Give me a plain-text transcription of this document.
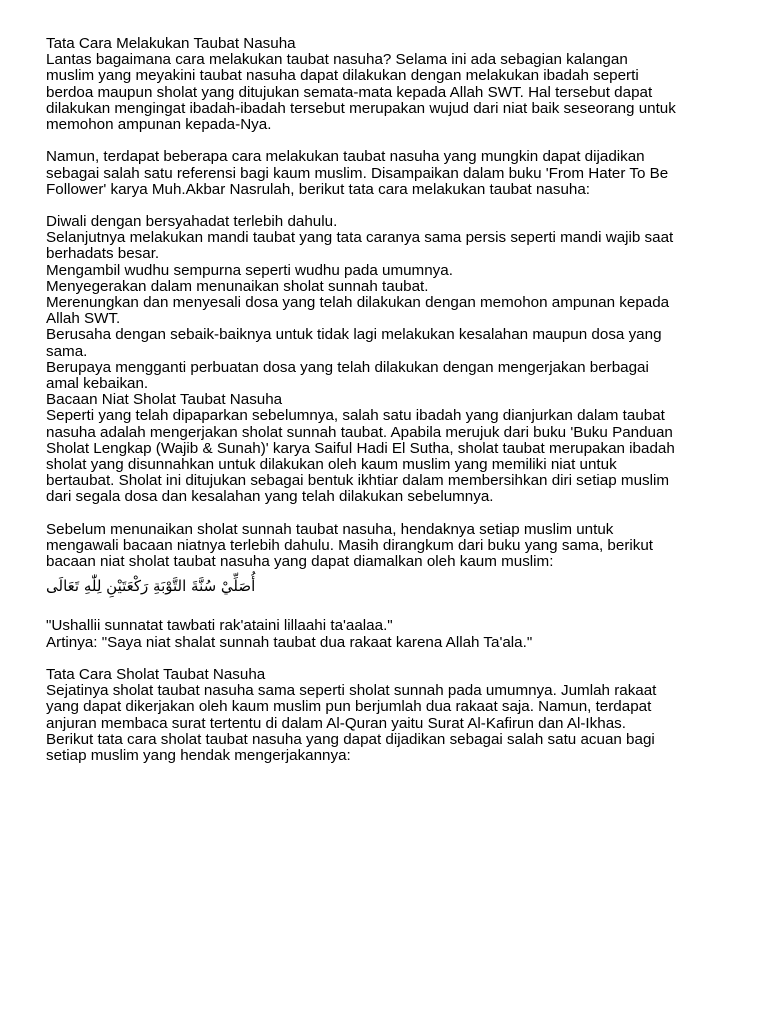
Tata Cara Melakukan Taubat Nasuha
Lantas bagaimana cara melakukan taubat nasuha? Selama ini ada sebagian kalangan
muslim yang meyakini taubat nasuha dapat dilakukan dengan melakukan ibadah seperti
berdoa maupun sholat yang ditujukan semata-mata kepada Allah SWT. Hal tersebut dapat
dilakukan mengingat ibadah-ibadah tersebut merupakan wujud dari niat baik seseorang untuk
memohon ampunan kepada-Nya.
Namun, terdapat beberapa cara melakukan taubat nasuha yang mungkin dapat dijadikan
sebagai salah satu referensi bagi kaum muslim. Disampaikan dalam buku 'From Hater To Be
Follower' karya Muh.Akbar Nasrulah, berikut tata cara melakukan taubat nasuha:
Diwali dengan bersyahadat terlebih dahulu.
Selanjutnya melakukan mandi taubat yang tata caranya sama persis seperti mandi wajib saat
berhadats besar.
Mengambil wudhu sempurna seperti wudhu pada umumnya.
Menyegerakan dalam menunaikan sholat sunnah taubat.
Merenungkan dan menyesali dosa yang telah dilakukan dengan memohon ampunan kepada
Allah SWT.
Berusaha dengan sebaik-baiknya untuk tidak lagi melakukan kesalahan maupun dosa yang
sama.
Berupaya mengganti perbuatan dosa yang telah dilakukan dengan mengerjakan berbagai
amal kebaikan.
Bacaan Niat Sholat Taubat Nasuha
Seperti yang telah dipaparkan sebelumnya, salah satu ibadah yang dianjurkan dalam taubat
nasuha adalah mengerjakan sholat sunnah taubat. Apabila merujuk dari buku 'Buku Panduan
Sholat Lengkap (Wajib & Sunah)' karya Saiful Hadi El Sutha, sholat taubat merupakan ibadah
sholat yang disunnahkan untuk dilakukan oleh kaum muslim yang memiliki niat untuk
bertaubat. Sholat ini ditujukan sebagai bentuk ikhtiar dalam membersihkan diri setiap muslim
dari segala dosa dan kesalahan yang telah dilakukan sebelumnya.
Sebelum menunaikan sholat sunnah taubat nasuha, hendaknya setiap muslim untuk
mengawali bacaan niatnya terlebih dahulu. Masih dirangkum dari buku yang sama, berikut
bacaan niat sholat taubat nasuha yang dapat diamalkan oleh kaum muslim:
أُصَلِّيْ سُنَّةَ التَّوْبَةِ رَكْعَتَيْنِ لِلّٰهِ تَعَالَى
"Ushallii sunnatat tawbati rak'ataini lillaahi ta'aalaa."
Artinya: "Saya niat shalat sunnah taubat dua rakaat karena Allah Ta'ala."
Tata Cara Sholat Taubat Nasuha
Sejatinya sholat taubat nasuha sama seperti sholat sunnah pada umumnya. Jumlah rakaat
yang dapat dikerjakan oleh kaum muslim pun berjumlah dua rakaat saja. Namun, terdapat
anjuran membaca surat tertentu di dalam Al-Quran yaitu Surat Al-Kafirun dan Al-Ikhas.
Berikut tata cara sholat taubat nasuha yang dapat dijadikan sebagai salah satu acuan bagi
setiap muslim yang hendak mengerjakannya:
